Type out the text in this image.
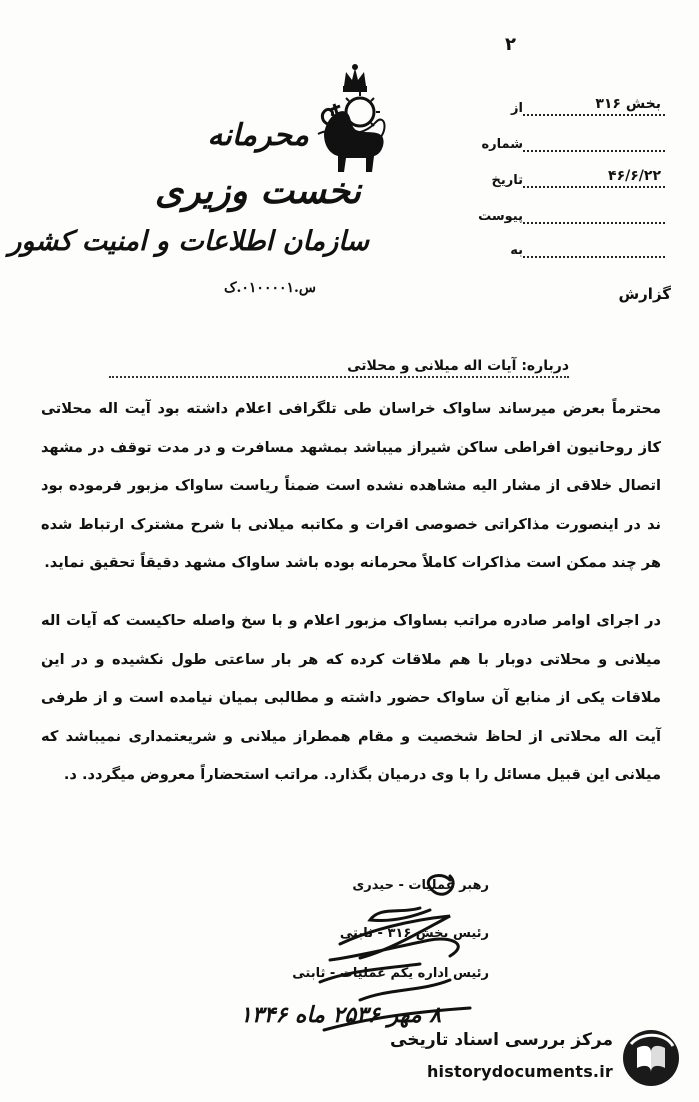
۲
محرمانه
نخست وزیری
سازمان اطلاعات و امنیت کشور
س.۰۱۰۰۰۰۱.ک
از	بخش ۳۱۶
شماره
تاریخ	۴۶/۶/۲۲
پیوست
به
گزارش
درباره: آیات اله میلانی و محلاتی
محترماً بعرض میرساند ساواک خراسان طی تلگرافی اعلام داشته بود آیت اله محلاتی کاز روحانیون افراطی ساکن شیراز میباشد بمشهد مسافرت و در مدت توقف در مشهد اتصال خلاقی از مشار الیه مشاهده نشده است ضمناً ریاست ساواک مزبور فرموده بود ند در اینصورت مذاکراتی خصوصی اقرات و مکاتبه میلانی با شرح مشترک ارتباط شده هر چند ممکن است مذاکرات کاملاً محرمانه بوده باشد ساواک مشهد دقیقاً تحقیق نماید.
در اجرای اوامر صادره مراتب بساواک مزبور اعلام و با سخ واصله حاکیست که آیات اله میلانی و محلاتی دوبار با هم ملاقات کرده که هر بار ساعتی طول نکشیده و در این ملاقات یکی از منابع آن ساواک حضور داشته و مطالبی بمیان نیامده است و از طرفی آیت اله محلاتی از لحاظ شخصیت و مقام همطراز میلانی و شریعتمداری نمیباشد که میلانی این قبیل مسائل را با وی درمیان بگذارد. مراتب استحضاراً معروض میگردد. د.
رهبر عملیات - حیدری
رئیس بخش ۳۱۶ - ثابتی
رئیس اداره یکم عملیات - ثابتی
۸ مهر ۲۵۳۶ ماه ۱۳۴۶
مرکز بررسی اسناد تاریخی
historydocuments.ir
